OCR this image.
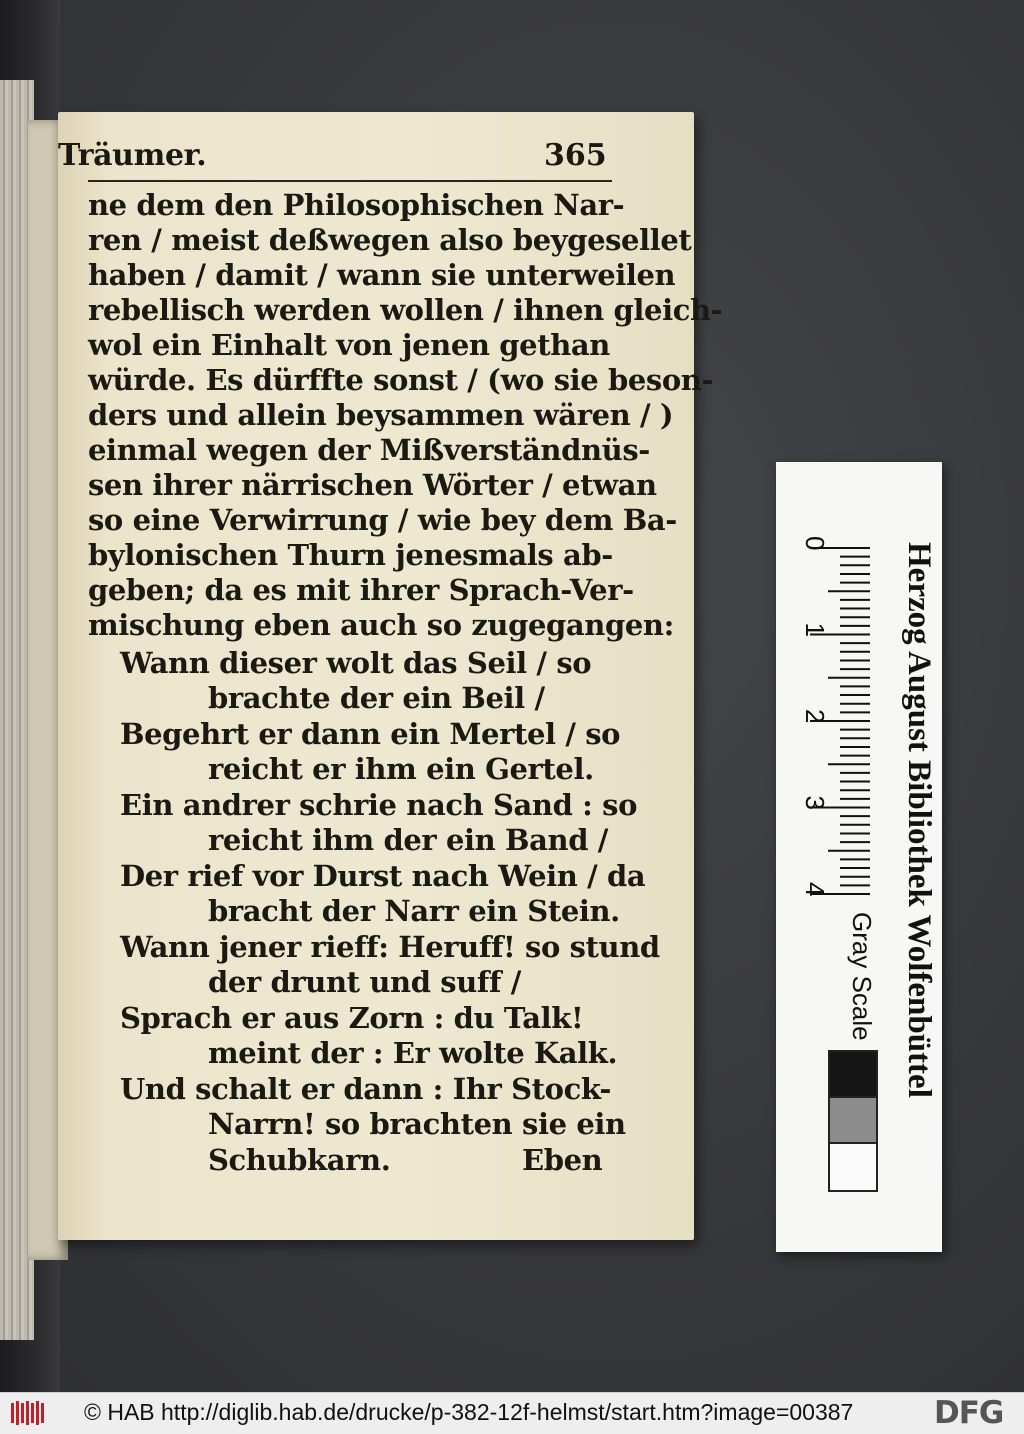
Träumer.	365
ne dem den Philosophischen Nar-
ren / meist deßwegen also beygesellet
haben / damit / wann sie unterweilen
rebellisch werden wollen / ihnen gleich-
wol ein Einhalt von jenen gethan
würde. Es dürffte sonst / (wo sie beson-
ders und allein beysammen wären / )
einmal wegen der Mißverständnüs-
sen ihrer närrischen Wörter / etwan
so eine Verwirrung / wie bey dem Ba-
bylonischen Thurn jenesmals ab-
geben; da es mit ihrer Sprach-Ver-
mischung eben auch so zugegangen:
Wann dieser wolt das Seil / so
brachte der ein Beil /
Begehrt er dann ein Mertel / so
reicht er ihm ein Gertel.
Ein andrer schrie nach Sand : so
reicht ihm der ein Band /
Der rief vor Durst nach Wein / da
bracht der Narr ein Stein.
Wann jener rieff: Heruff! so stund
der drunt und suff /
Sprach er aus Zorn : du Talk!
meint der : Er wolte Kalk.
Und schalt er dann : Ihr Stock-
Narrn! so brachten sie ein
Schubkarn.	Eben
0
1
2
3
4 Herzog August Bibliothek Wolfenbüttel
Gray Scale
© HAB http://diglib.hab.de/drucke/p-382-12f-helmst/start.htm?image=00387	DFG
